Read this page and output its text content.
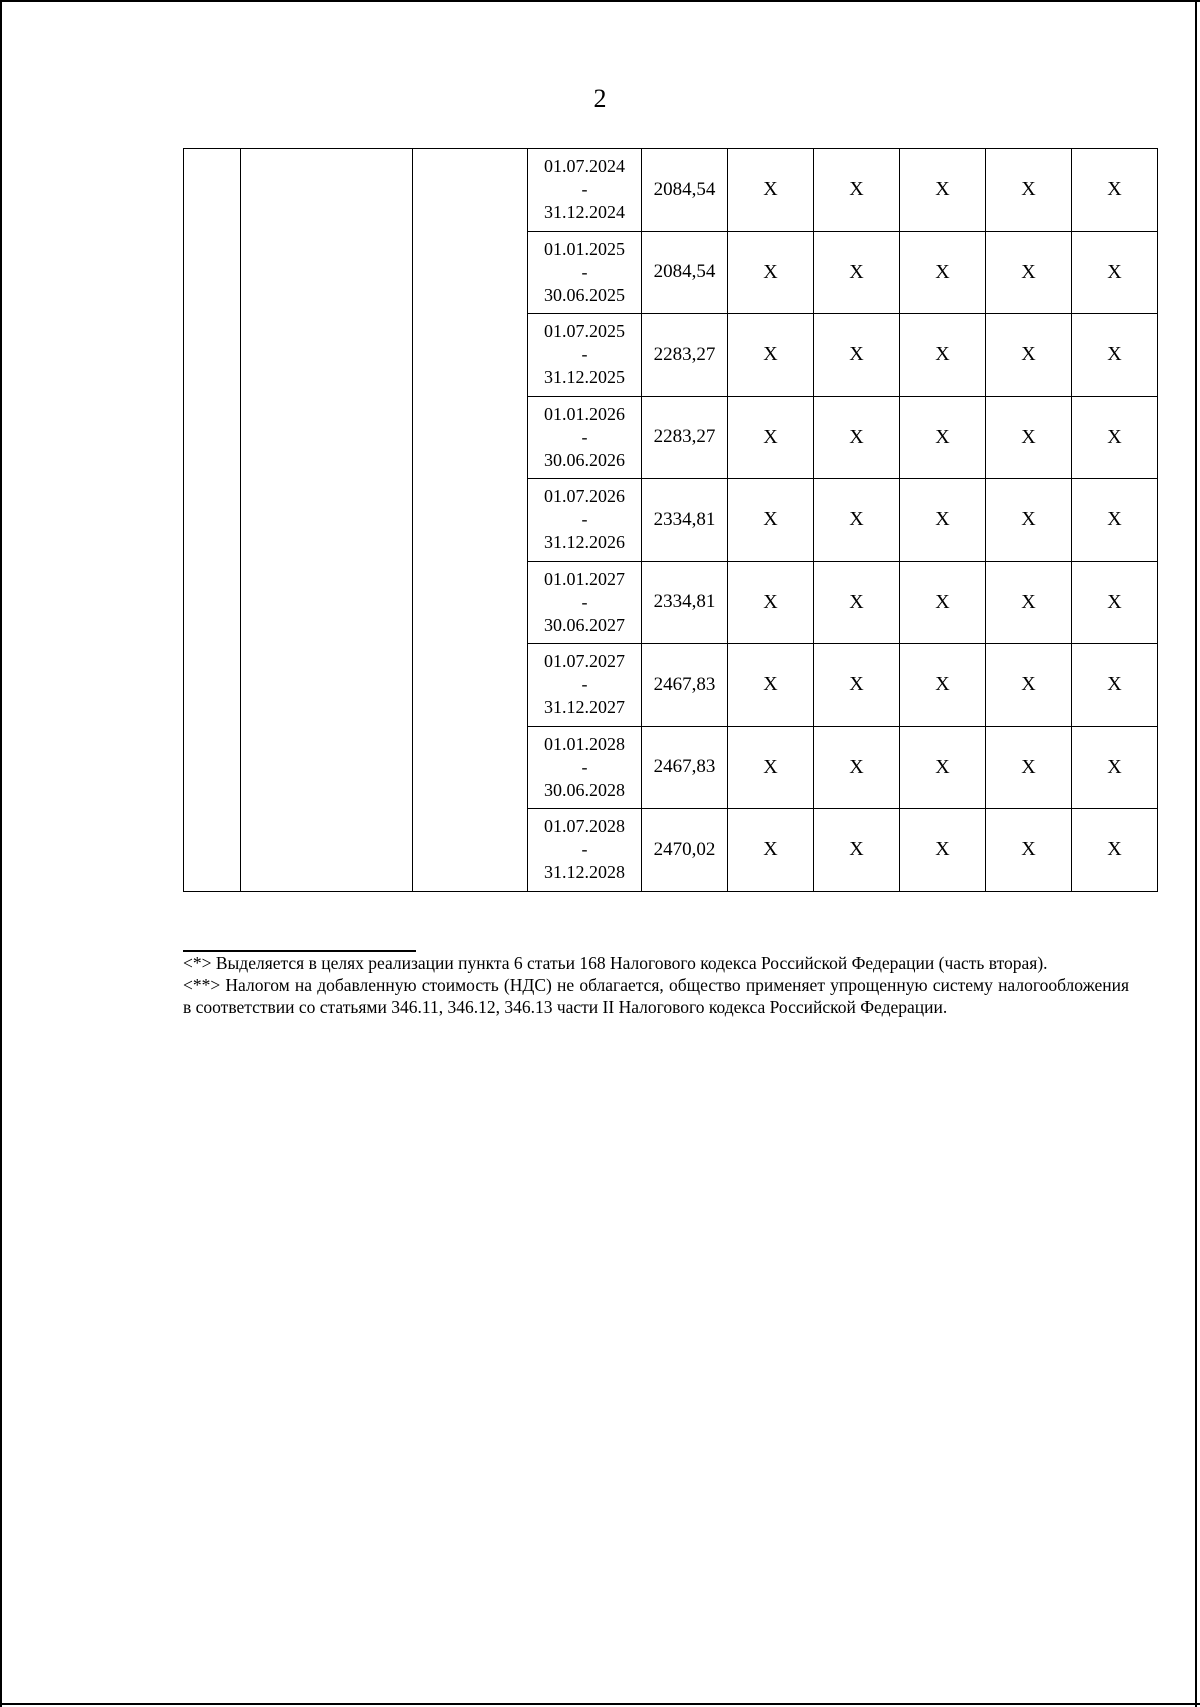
2

			01.07.2024
-
31.12.2024	2084,54	X	X	X	X	X

			01.01.2025
-
30.06.2025	2084,54	X	X	X	X	X

			01.07.2025
-
31.12.2025	2283,27	X	X	X	X	X

			01.01.2026
-
30.06.2026	2283,27	X	X	X	X	X

			01.07.2026
-
31.12.2026	2334,81	X	X	X	X	X

			01.01.2027
-
30.06.2027	2334,81	X	X	X	X	X

			01.07.2027
-
31.12.2027	2467,83	X	X	X	X	X

			01.01.2028
-
30.06.2028	2467,83	X	X	X	X	X

			01.07.2028
-
31.12.2028	2470,02	X	X	X	X	X

<*> Выделяется в целях реализации пункта 6 статьи 168 Налогового кодекса Российской Федерации (часть вторая).

<**> Налогом на добавленную стоимость (НДС) не облагается, общество применяет упрощенную систему налогообложения в соответствии со статьями 346.11, 346.12, 346.13 части II Налогового кодекса Российской Федерации.
